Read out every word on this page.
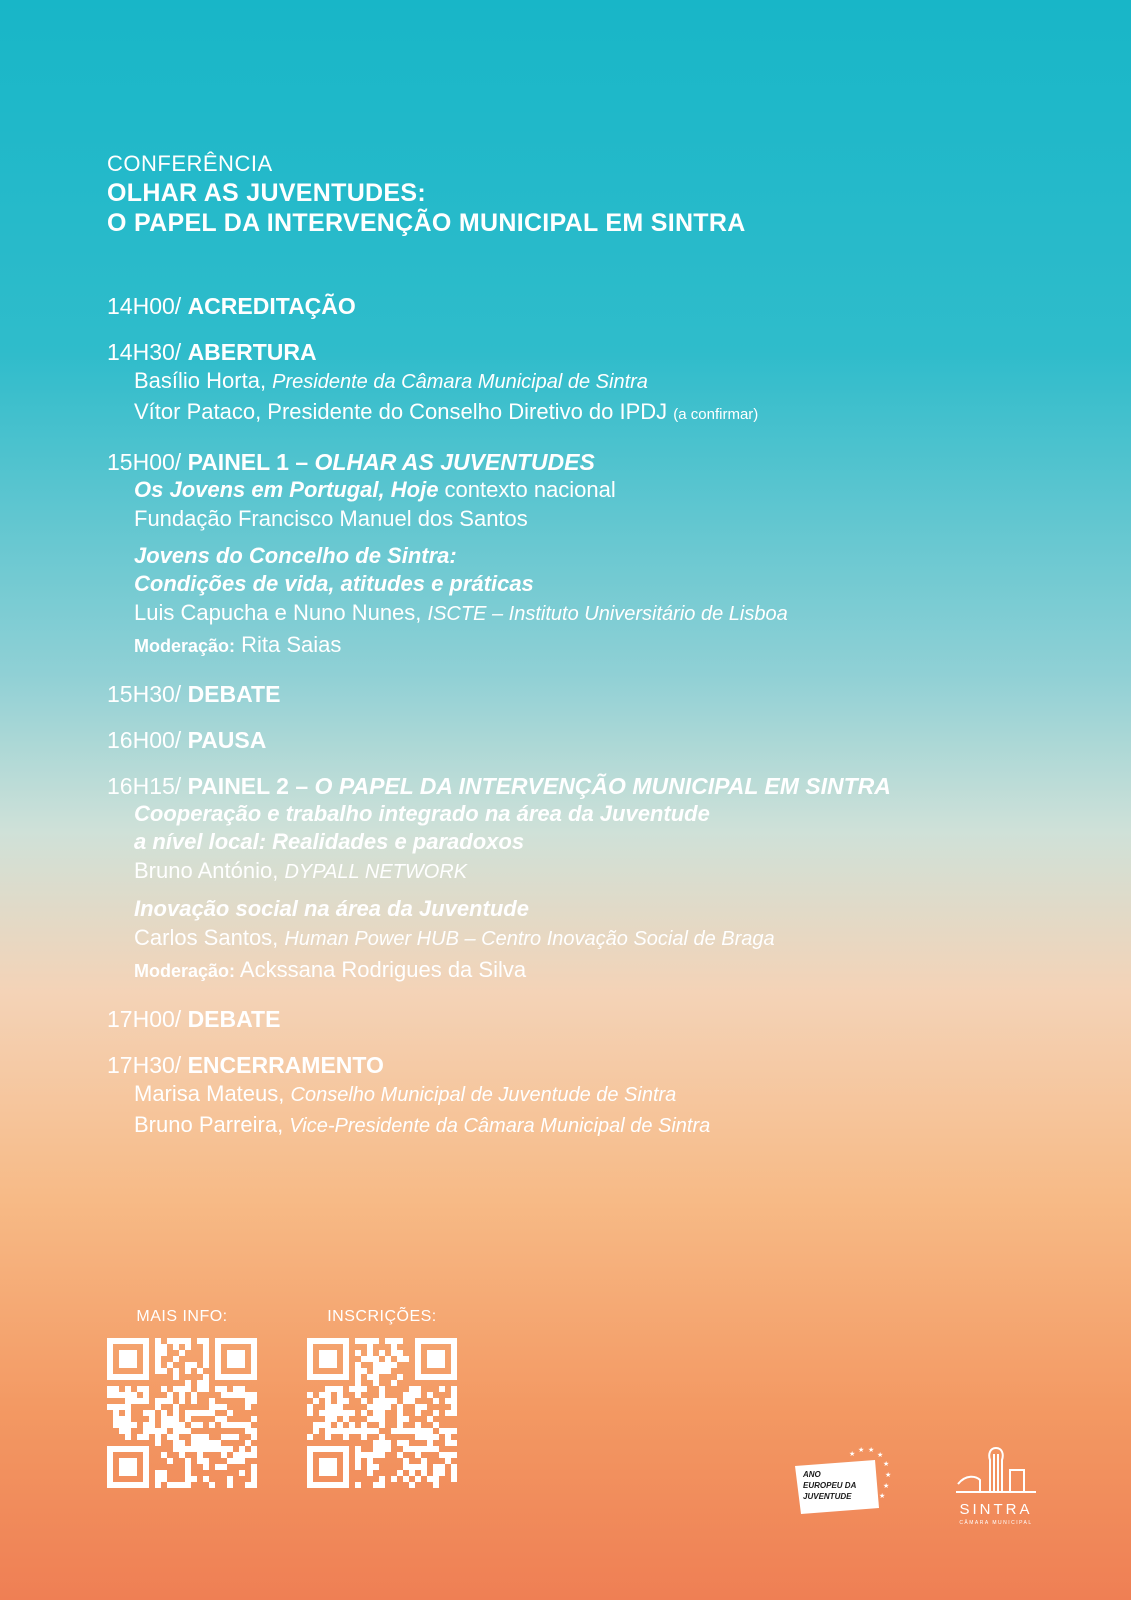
CONFERÊNCIA
OLHAR AS JUVENTUDES:
O PAPEL DA INTERVENÇÃO MUNICIPAL EM SINTRA
14H00/ ACREDITAÇÃO
14H30/ ABERTURA
Basílio Horta, Presidente da Câmara Municipal de Sintra
Vítor Pataco, Presidente do Conselho Diretivo do IPDJ (a confirmar)
15H00/ PAINEL 1 – OLHAR AS JUVENTUDES
Os Jovens em Portugal, Hoje contexto nacional
Fundação Francisco Manuel dos Santos
Jovens do Concelho de Sintra:
Condições de vida, atitudes e práticas
Luis Capucha e Nuno Nunes, ISCTE – Instituto Universitário de Lisboa
Moderação: Rita Saias
15H30/ DEBATE
16H00/ PAUSA
16H15/ PAINEL 2 – O PAPEL DA INTERVENÇÃO MUNICIPAL EM SINTRA
Cooperação e trabalho integrado na área da Juventude
a nível local: Realidades e paradoxos
Bruno António, DYPALL NETWORK
Inovação social na área da Juventude
Carlos Santos, Human Power HUB – Centro Inovação Social de Braga
Moderação: Ackssana Rodrigues da Silva
17H00/ DEBATE
17H30/ ENCERRAMENTO
Marisa Mateus, Conselho Municipal de Juventude de Sintra
Bruno Parreira, Vice-Presidente da Câmara Municipal de Sintra
MAIS INFO:	INSCRIÇÕES:
ANO
EUROPEU DA
JUVENTUDE
★ ★ ★
★
★
★
★
★
★	SINTRA
CÂMARA MUNICIPAL
